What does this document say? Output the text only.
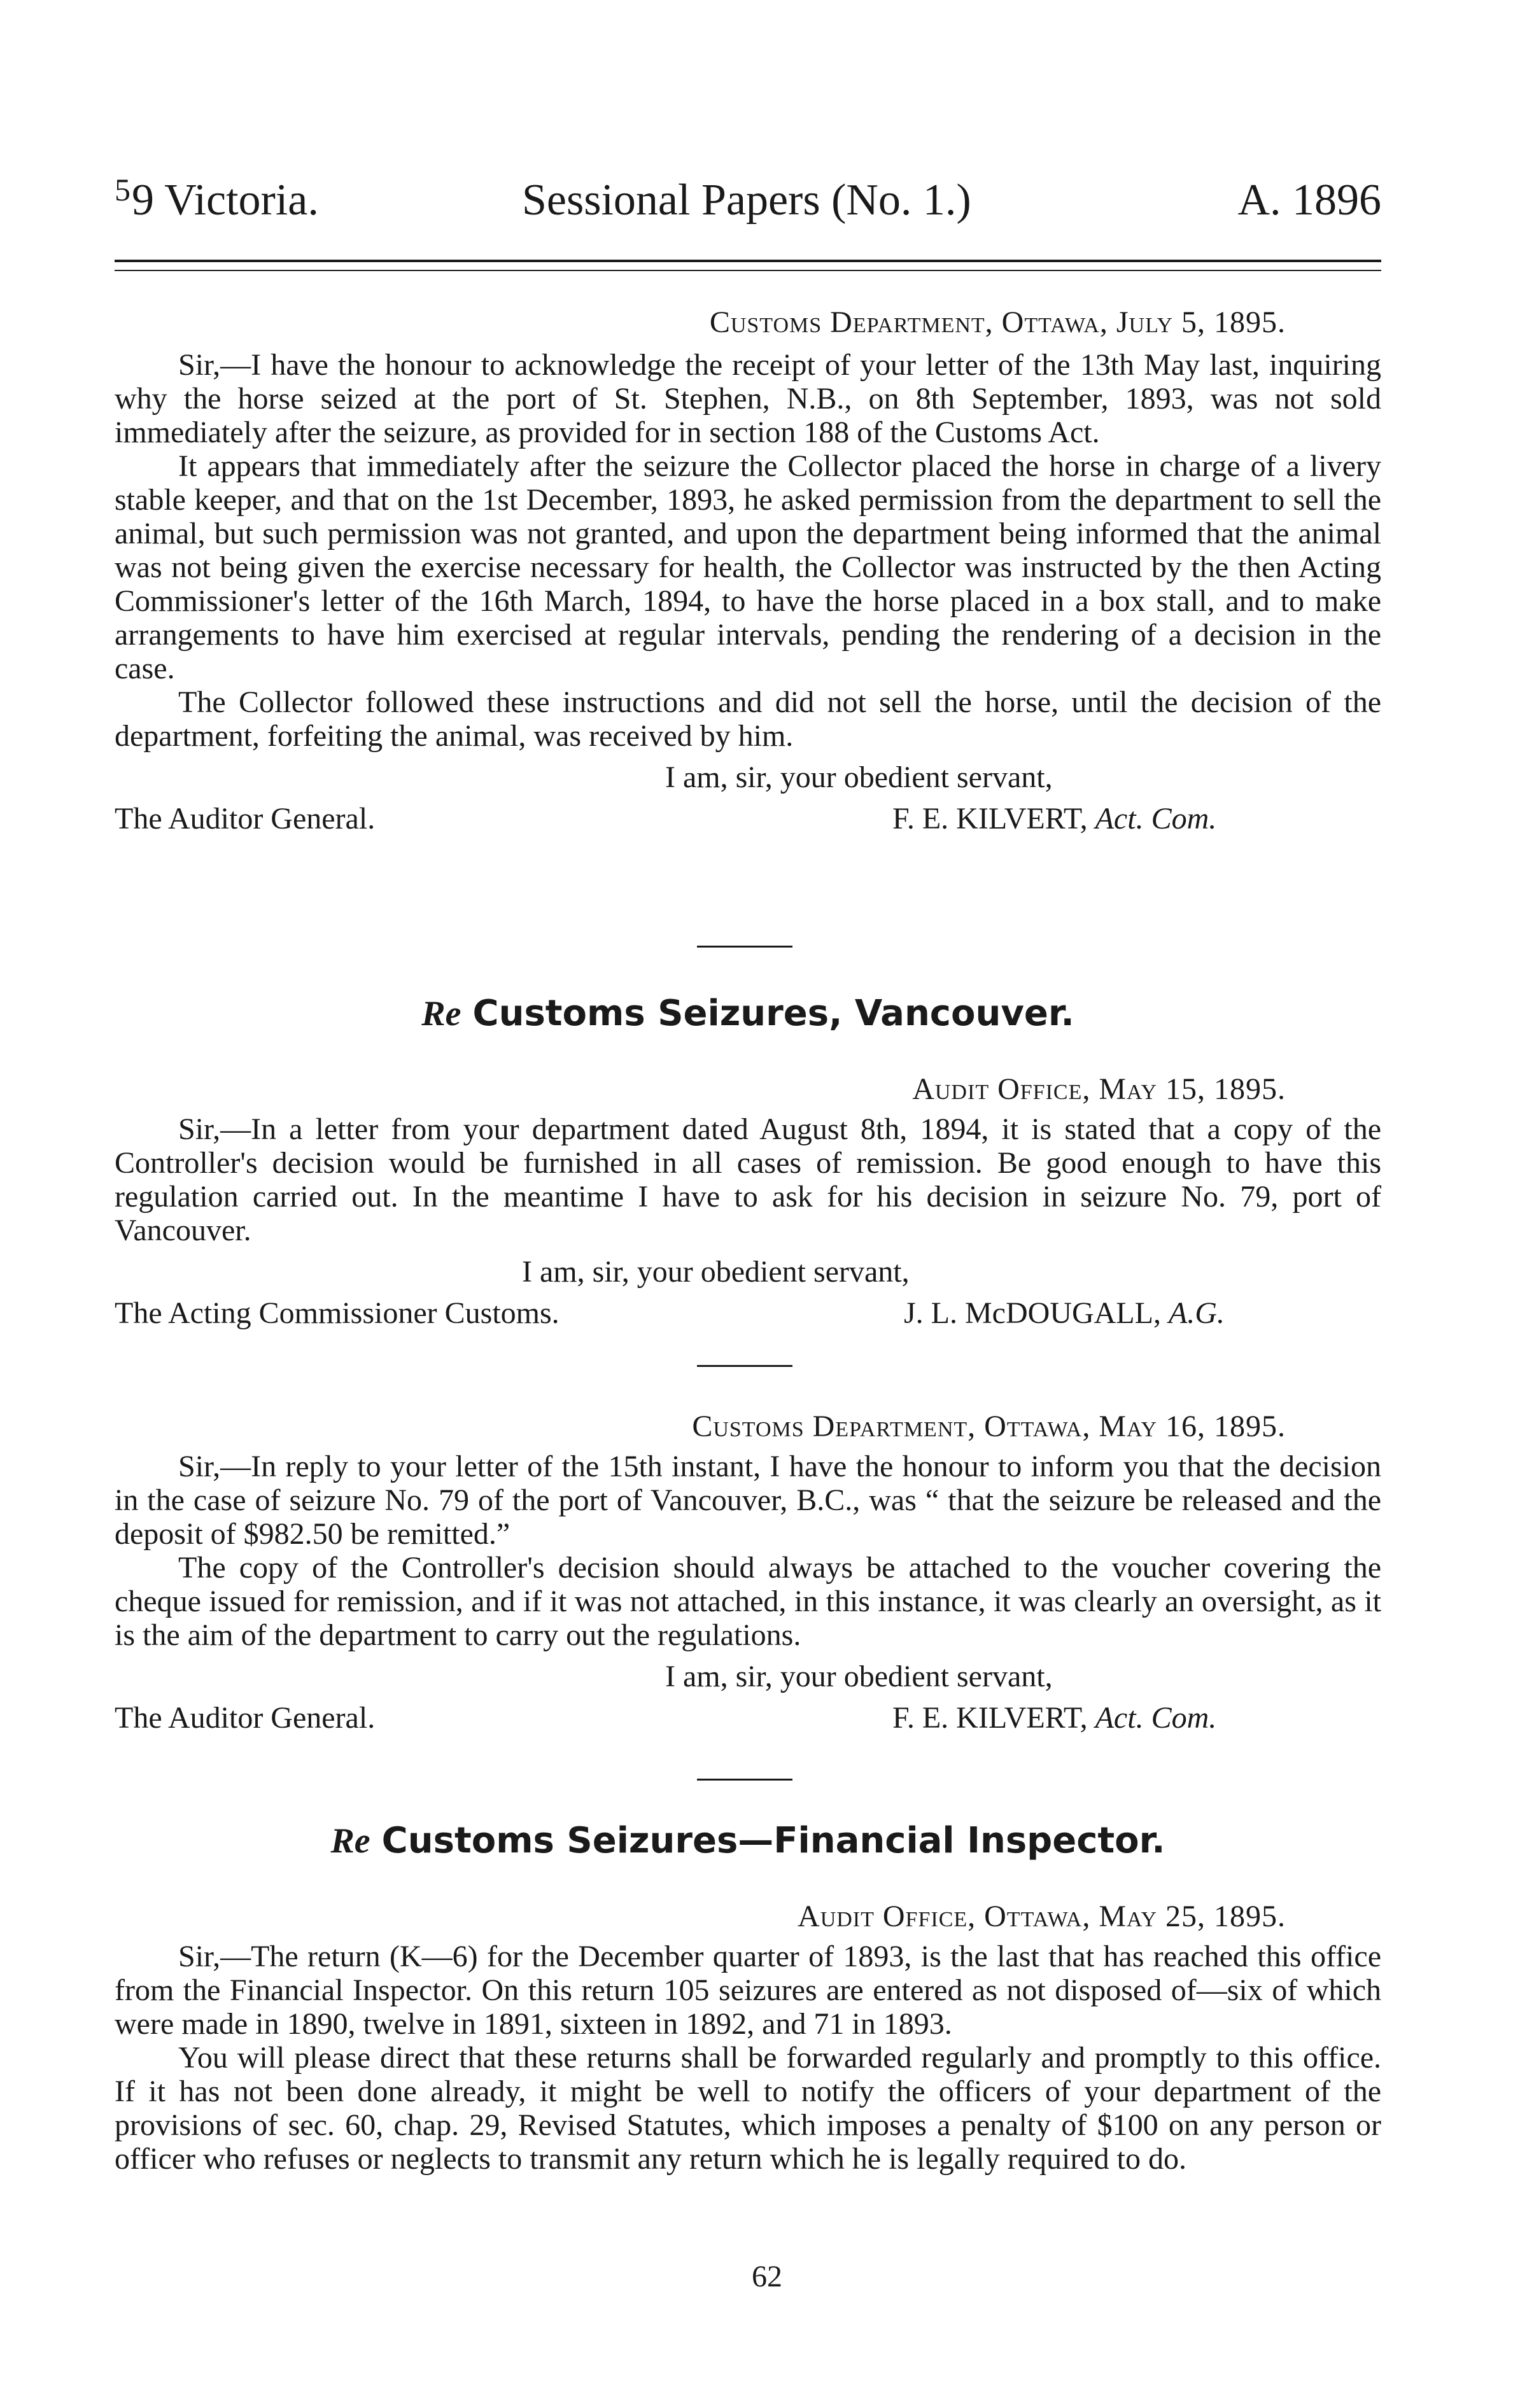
$^5$9 Victoria.	Sessional Papers (No. 1.)	A. 1896

Customs Department, Ottawa, July 5, 1895.

Sir,—I have the honour to acknowledge the receipt of your letter of the 13th May last, inquiring why the horse seized at the port of St. Stephen, N.B., on 8th September, 1893, was not sold immediately after the seizure, as provided for in section 188 of the Customs Act.

It appears that immediately after the seizure the Collector placed the horse in charge of a livery stable keeper, and that on the 1st December, 1893, he asked permission from the department to sell the animal, but such permission was not granted, and upon the department being informed that the animal was not being given the exercise necessary for health, the Collector was instructed by the then Acting Commissioner's letter of the 16th March, 1894, to have the horse placed in a box stall, and to make arrangements to have him exercised at regular intervals, pending the rendering of a decision in the case.

The Collector followed these instructions and did not sell the horse, until the decision of the department, forfeiting the animal, was received by him.

I am, sir, your obedient servant,

The Auditor General.	F. E. KILVERT, Act. Com.
Re Customs Seizures, Vancouver.

Audit Office, May 15, 1895.

Sir,—In a letter from your department dated August 8th, 1894, it is stated that a copy of the Controller's decision would be furnished in all cases of remission. Be good enough to have this regulation carried out. In the meantime I have to ask for his decision in seizure No. 79, port of Vancouver.

I am, sir, your obedient servant,

The Acting Commissioner Customs.	J. L. McDOUGALL, A.G.

Customs Department, Ottawa, May 16, 1895.

Sir,—In reply to your letter of the 15th instant, I have the honour to inform you that the decision in the case of seizure No. 79 of the port of Vancouver, B.C., was “ that the seizure be released and the deposit of $982.50 be remitted.”

The copy of the Controller's decision should always be attached to the voucher covering the cheque issued for remission, and if it was not attached, in this instance, it was clearly an oversight, as it is the aim of the department to carry out the regulations.

I am, sir, your obedient servant,

The Auditor General.	F. E. KILVERT, Act. Com.
Re Customs Seizures—Financial Inspector.

Audit Office, Ottawa, May 25, 1895.

Sir,—The return (K—6) for the December quarter of 1893, is the last that has reached this office from the Financial Inspector. On this return 105 seizures are entered as not disposed of—six of which were made in 1890, twelve in 1891, sixteen in 1892, and 71 in 1893.

You will please direct that these returns shall be forwarded regularly and promptly to this office. If it has not been done already, it might be well to notify the officers of your department of the provisions of sec. 60, chap. 29, Revised Statutes, which imposes a penalty of $100 on any person or officer who refuses or neglects to transmit any return which he is legally required to do.

62
